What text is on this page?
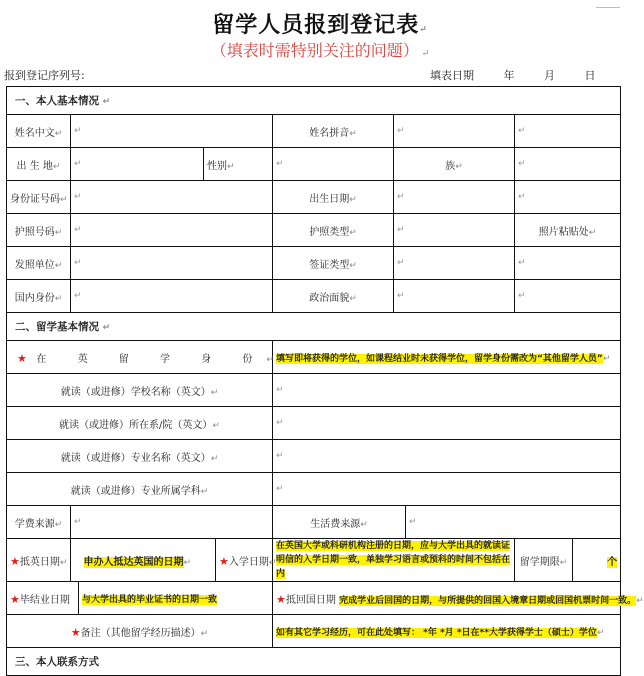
留学人员报到登记表↵
（填表时需特别关注的问题） ↵
报到登记序列号:	填表日期	年	月	日
一、本人基本情况 ↵									
姓名中文↵	↵				姓名拼音↵	↵		↵	
出 生 地↵	↵		性别↵		↵	族↵		↵	
身份证号码↵	↵				出生日期↵	↵		↵	
护照号码↵	↵				护照类型↵	↵		照片粘贴处↵	
发照单位↵	↵				签证类型↵	↵		↵	
国内身份↵	↵				政治面貌↵	↵		↵	
二、留学基本情况 ↵									
★ 在 英 留 学 身 份↵					填写即将获得的学位，如课程结业时未获得学位，留学身份需改为“其他留学人员”↵				
就读（或进修）学校名称（英文）↵					↵				
就读（或进修）所在系/院（英文）↵					↵				
就读（或进修）专业名称（英文）↵					↵				
就读（或进修）专业所属学科↵					↵				
学费来源↵	↵				生活费来源↵		↵		
★抵英日期↵	申办人抵达英国的日期↵			★入学日期↵	在英国大学或科研机构注册的日期，应与大学出具的就读证明信的入学日期一致，单独学习语言或预科的时间不包括在内			留学期限↵	个
★毕结业日期		与大学出具的毕业证书的日期一致			★抵回国日期 完成学业后回国的日期，与所提供的回国入境章日期或回国机票时间一致。↵				
★备注（其他留学经历描述）↵					如有其它学习经历，可在此处填写： *年 *月 *日在**大学获得学士（硕士）学位↵				
三、本人联系方式									
